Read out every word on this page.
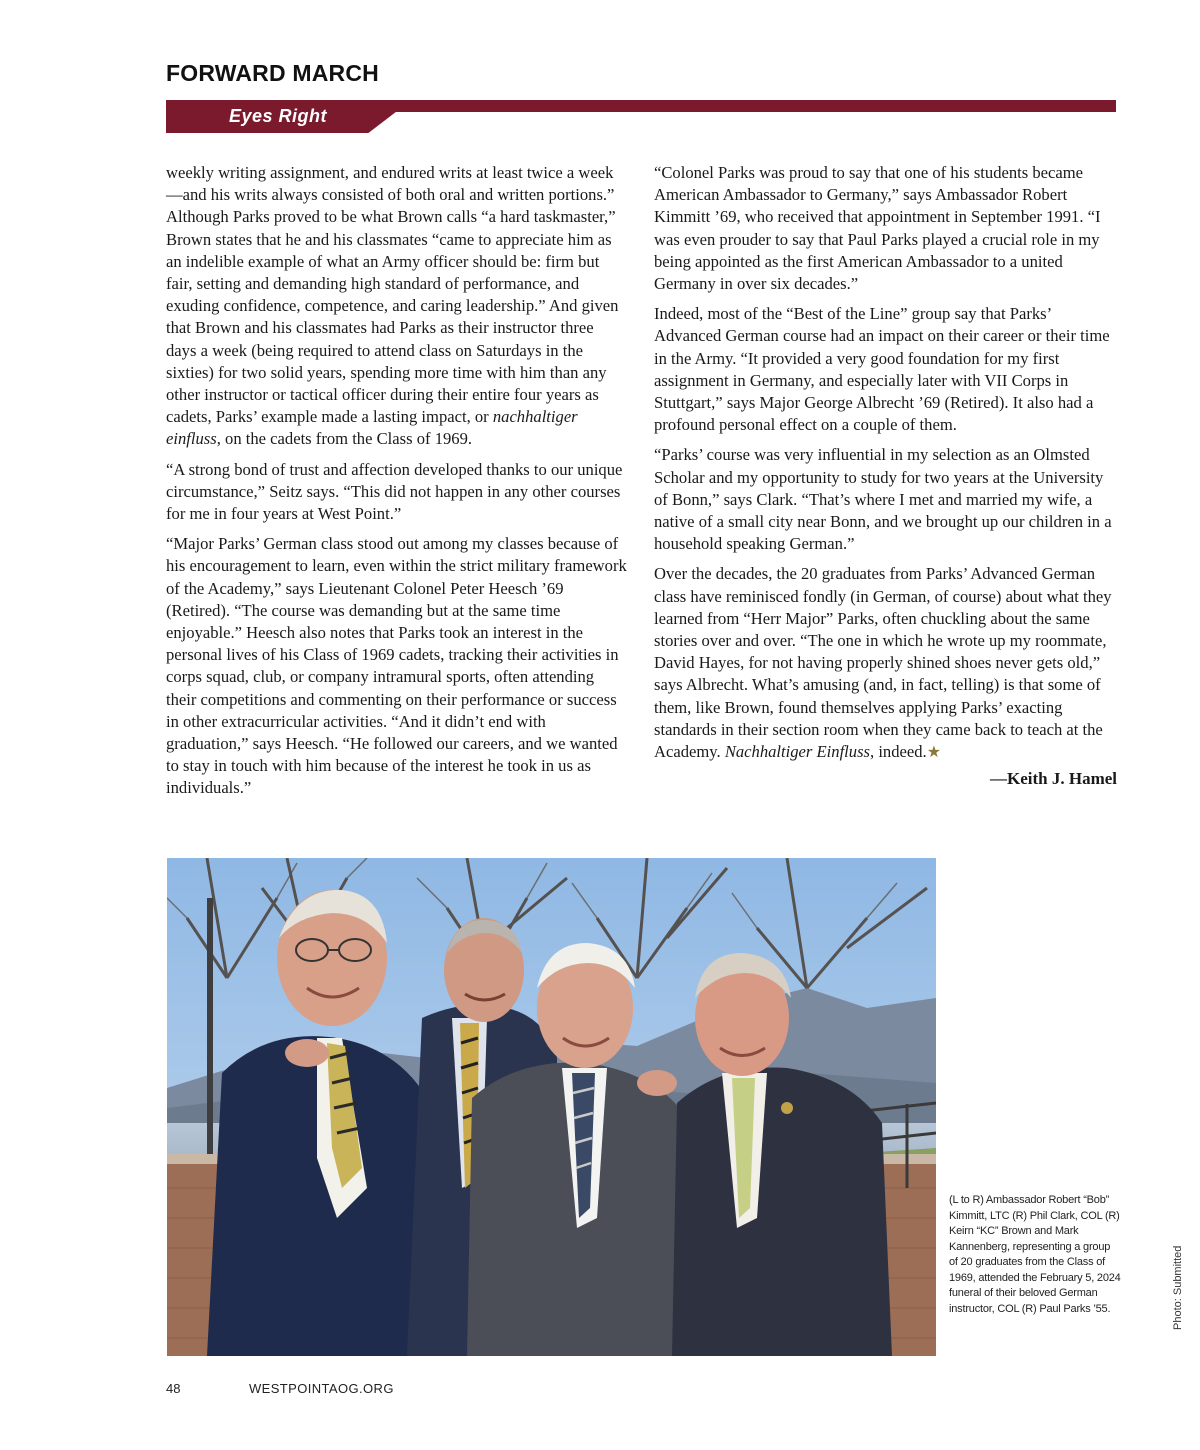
FORWARD MARCH
Eyes Right

weekly writing assignment, and endured writs at least twice a week—and his writs always consisted of both oral and written portions.” Although Parks proved to be what Brown calls “a hard taskmaster,” Brown states that he and his classmates “came to appreciate him as an indelible example of what an Army officer should be: firm but fair, setting and demanding high standard of performance, and exuding confidence, competence, and caring leadership.” And given that Brown and his classmates had Parks as their instructor three days a week (being required to attend class on Saturdays in the sixties) for two solid years, spending more time with him than any other instructor or tactical officer during their entire four years as cadets, Parks’ example made a lasting impact, or nachhaltiger einfluss, on the cadets from the Class of 1969.

“A strong bond of trust and affection developed thanks to our unique circumstance,” Seitz says. “This did not happen in any other courses for me in four years at West Point.”

“Major Parks’ German class stood out among my classes because of his encouragement to learn, even within the strict military framework of the Academy,” says Lieutenant Colonel Peter Heesch ’69 (Retired). “The course was demanding but at the same time enjoyable.” Heesch also notes that Parks took an interest in the personal lives of his Class of 1969 cadets, tracking their activities in corps squad, club, or company intramural sports, often attending their competitions and commenting on their performance or success in other extracurricular activities. “And it didn’t end with graduation,” says Heesch. “He followed our careers, and we wanted to stay in touch with him because of the interest he took in us as individuals.”

“Colonel Parks was proud to say that one of his students became American Ambassador to Germany,” says Ambassador Robert Kimmitt ’69, who received that appointment in September 1991. “I was even prouder to say that Paul Parks played a crucial role in my being appointed as the first American Ambassador to a united Germany in over six decades.”

Indeed, most of the “Best of the Line” group say that Parks’ Advanced German course had an impact on their career or their time in the Army. “It provided a very good foundation for my first assignment in Germany, and especially later with VII Corps in Stuttgart,” says Major George Albrecht ’69 (Retired). It also had a profound personal effect on a couple of them.

“Parks’ course was very influential in my selection as an Olmsted Scholar and my opportunity to study for two years at the University of Bonn,” says Clark. “That’s where I met and married my wife, a native of a small city near Bonn, and we brought up our children in a household speaking German.”

Over the decades, the 20 graduates from Parks’ Advanced German class have reminisced fondly (in German, of course) about what they learned from “Herr Major” Parks, often chuckling about the same stories over and over. “The one in which he wrote up my roommate, David Hayes, for not having properly shined shoes never gets old,” says Albrecht. What’s amusing (and, in fact, telling) is that some of them, like Brown, found themselves applying Parks’ exacting standards in their section room when they came back to teach at the Academy. Nachhaltiger Einfluss, indeed.★

—Keith J. Hamel
(L to R) Ambassador Robert “Bob” Kimmitt, LTC (R) Phil Clark, COL (R) Keirn “KC” Brown and Mark Kannenberg, representing a group of 20 graduates from the Class of 1969, attended the February 5, 2024 funeral of their beloved German instructor, COL (R) Paul Parks ’55.	Photo: Submitted
48	WESTPOINTAOG.ORG
